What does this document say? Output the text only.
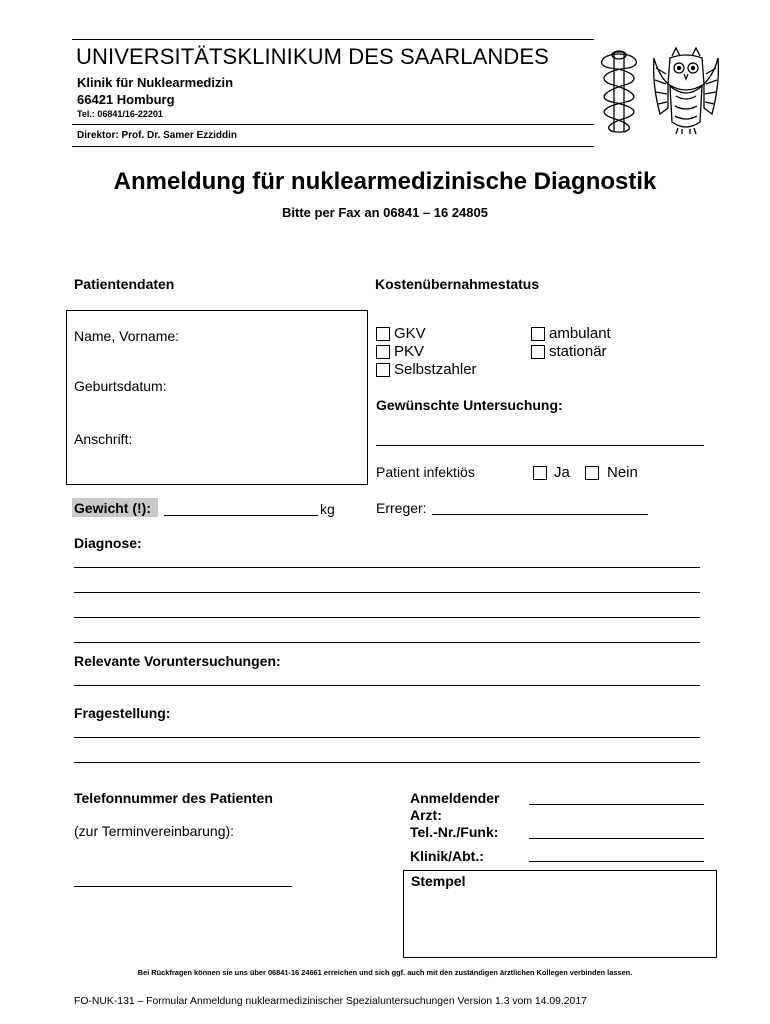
UNIVERSITÄTSKLINIKUM DES SAARLANDES
Klinik für Nuklearmedizin
66421 Homburg
Tel.: 06841/16-22201
Direktor: Prof. Dr. Samer Ezziddin
Anmeldung für nuklearmedizinische Diagnostik
Bitte per Fax an 06841 – 16 24805
Patientendaten
Name, Vorname:
Geburtsdatum:
Anschrift:
Gewicht (!):	kg
Kostenübernahmestatus
GKV
PKV
Selbstzahler
ambulant
stationär
Gewünschte Untersuchung:
Patient infektiös	Ja Nein
Erreger:
Diagnose:
Relevante Voruntersuchungen:
Fragestellung:
Telefonnummer des Patienten
(zur Terminvereinbarung):
Anmeldender
Arzt:
Tel.-Nr./Funk:
Klinik/Abt.:
Stempel
Bei Rückfragen können sie uns über 06841-16 24661 erreichen und sich ggf. auch mit den zuständigen ärztlichen Kollegen verbinden lassen.
FO-NUK-131 – Formular Anmeldung nuklearmedizinischer Spezialuntersuchungen Version 1.3 vom 14.09.2017
